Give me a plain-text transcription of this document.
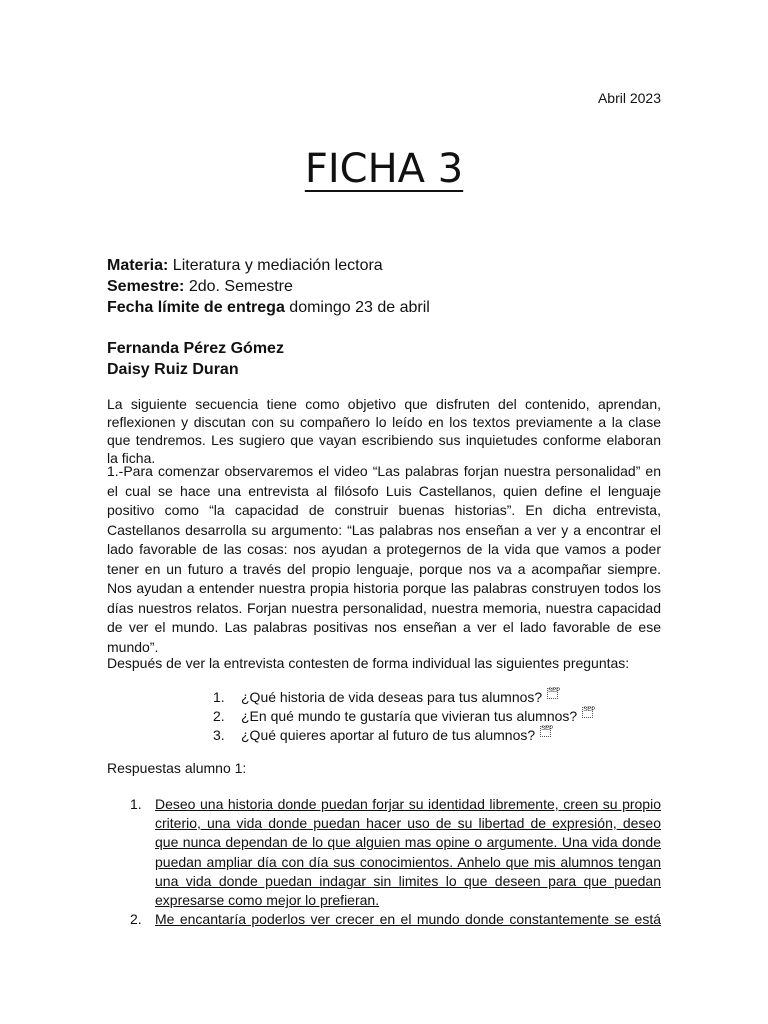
Abril 2023
FICHA 3
Materia: Literatura y mediación lectora
Semestre: 2do. Semestre
Fecha límite de entrega domingo 23 de abril
Fernanda Pérez Gómez
Daisy Ruiz Duran

La siguiente secuencia tiene como objetivo que disfruten del contenido, aprendan, reflexionen y discutan con su compañero lo leído en los textos previamente a la clase que tendremos. Les sugiero que vayan escribiendo sus inquietudes conforme elaboran la ficha.

1.-Para comenzar observaremos el video “Las palabras forjan nuestra personalidad” en el cual se hace una entrevista al filósofo Luis Castellanos, quien define el lenguaje positivo como “la capacidad de construir buenas historias”. En dicha entrevista, Castellanos desarrolla su argumento: “Las palabras nos enseñan a ver y a encontrar el lado favorable de las cosas: nos ayudan a protegernos de la vida que vamos a poder tener en un futuro a través del propio lenguaje, porque nos va a acompañar siempre. Nos ayudan a entender nuestra propia historia porque las palabras construyen todos los días nuestros relatos. Forjan nuestra personalidad, nuestra memoria, nuestra capacidad de ver el mundo. Las palabras positivas nos enseñan a ver el lado favorable de ese mundo”.

Después de ver la entrevista contesten de forma individual las siguientes preguntas:

1.	¿Qué historia de vida deseas para tus alumnos? SEP
2.	¿En qué mundo te gustaría que vivieran tus alumnos? SEP
3.	¿Qué quieres aportar al futuro de tus alumnos? SEP
Respuestas alumno 1:
1. Deseo una historia donde puedan forjar su identidad libremente, creen su propio criterio, una vida donde puedan hacer uso de su libertad de expresión, deseo que nunca dependan de lo que alguien mas opine o argumente. Una vida donde puedan ampliar día con día sus conocimientos. Anhelo que mis alumnos tengan una vida donde puedan indagar sin limites lo que deseen para que puedan expresarse como mejor lo prefieran.
2. Me encantaría poderlos ver crecer en el mundo donde constantemente se está
